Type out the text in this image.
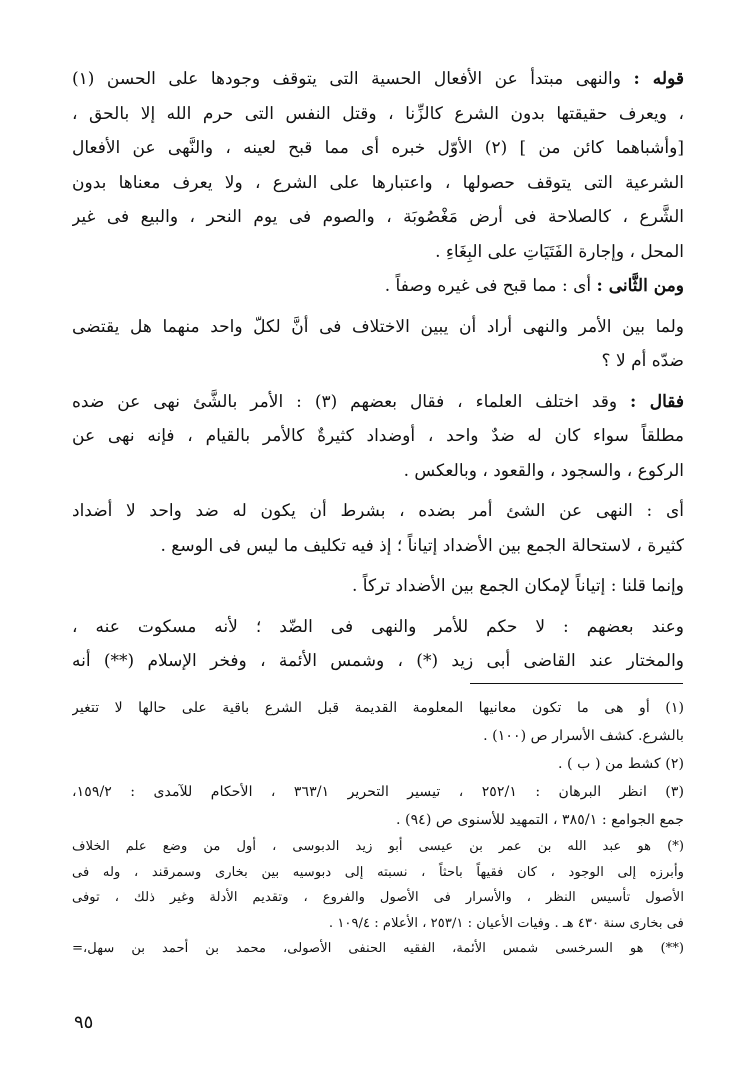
قوله : والنهى مبتدأ عن الأفعال الحسية التى يتوقف وجودها على الحسن (١)
، ويعرف حقيقتها بدون الشرع كالزِّنا ، وقتل النفس التى حرم الله إلا بالحق ،
[وأشباهما كائن من ] (٢) الأوّل خبره أى مما قبح لعينه ، والنَّهى عن الأفعال
الشرعية التى يتوقف حصولها ، واعتبارها على الشرع ، ولا يعرف معناها بدون
الشَّرع ، كالصلاحة فى أرض مَغْصُوبَة ، والصوم فى يوم النحر ، والبيع فى غير
المحل ، وإجارة الفَتَيَاتِ على البِغَاءِ .

ومن الثَّانى : أى : مما قبح فى غيره وصفاً .

ولما بين الأمر والنهى أراد أن يبين الاختلاف فى أنَّ لكلّ واحد منهما هل يقتضى
ضدّه أم لا ؟

فقال : وقد اختلف العلماء ، فقال بعضهم (٣) : الأمر بالشَّئ نهى عن ضده
مطلقاً سواء كان له ضدٌ واحد ، أوضداد كثيرةٌ كالأمر بالقيام ، فإنه نهى عن
الركوع ، والسجود ، والقعود ، وبالعكس .

أى : النهى عن الشئ أمر بضده ، بشرط أن يكون له ضد واحد لا أضداد
كثيرة ، لاستحالة الجمع بين الأضداد إتياناً ؛ إذ فيه تكليف ما ليس فى الوسع .

وإنما قلنا : إتياناً لإمكان الجمع بين الأضداد تركاً .

وعند بعضهم : لا حكم للأمر والنهى فى الضّد ؛ لأنه مسكوت عنه ،
والمختار عند القاضى أبى زيد (*) ، وشمس الأئمة ، وفخر الإسلام (**) أنه

(١) أو هى ما تكون معانيها المعلومة القديمة قبل الشرع باقية على حالها لا تتغير
بالشرع. كشف الأسرار ص (١٠٠) .

(٢) كشط من ( ب ) .

(٣) انظر البرهان : ٢٥٢/١ ، تيسير التحرير ٣٦٣/١ ، الأحكام للآمدى : ١٥٩/٢،
جمع الجوامع : ٣٨٥/١ ، التمهيد للأسنوى ص (٩٤) .

(*) هو عبد الله بن عمر بن عيسى أبو زيد الدبوسى ، أول من وضع علم الخلاف
وأبرزه إلى الوجود ، كان فقيهاً باحثاً ، نسبته إلى دبوسيه بين بخارى وسمرقند ، وله فى
الأصول تأسيس النظر ، والأسرار فى الأصول والفروع ، وتقديم الأدلة وغير ذلك ، توفى
فى بخارى سنة ٤٣٠ هـ . وفيات الأعيان : ٢٥٣/١ ، الأعلام : ١٠٩/٤ .

(**) هو السرخسى شمس الأئمة، الفقيه الحنفى الأصولى، محمد بن أحمد بن سهل،=

٩٥
